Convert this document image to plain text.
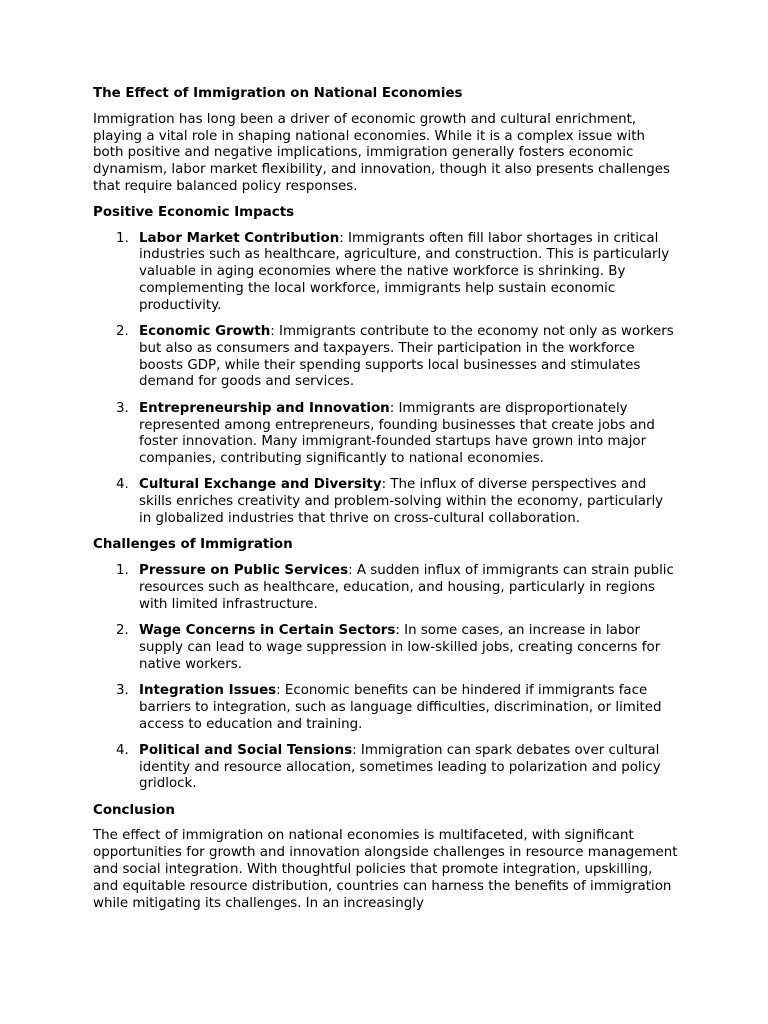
The Effect of Immigration on National Economies

Immigration has long been a driver of economic growth and cultural enrichment, playing a vital role in shaping national economies. While it is a complex issue with both positive and negative implications, immigration generally fosters economic dynamism, labor market flexibility, and innovation, though it also presents challenges that require balanced policy responses.

Positive Economic Impacts
1. Labor Market Contribution: Immigrants often fill labor shortages in critical industries such as healthcare, agriculture, and construction. This is particularly valuable in aging economies where the native workforce is shrinking. By complementing the local workforce, immigrants help sustain economic productivity.
2. Economic Growth: Immigrants contribute to the economy not only as workers but also as consumers and taxpayers. Their participation in the workforce boosts GDP, while their spending supports local businesses and stimulates demand for goods and services.
3. Entrepreneurship and Innovation: Immigrants are disproportionately represented among entrepreneurs, founding businesses that create jobs and foster innovation. Many immigrant-founded startups have grown into major companies, contributing significantly to national economies.
4. Cultural Exchange and Diversity: The influx of diverse perspectives and skills enriches creativity and problem-solving within the economy, particularly in globalized industries that thrive on cross-cultural collaboration.
Challenges of Immigration
1. Pressure on Public Services: A sudden influx of immigrants can strain public resources such as healthcare, education, and housing, particularly in regions with limited infrastructure.
2. Wage Concerns in Certain Sectors: In some cases, an increase in labor supply can lead to wage suppression in low-skilled jobs, creating concerns for native workers.
3. Integration Issues: Economic benefits can be hindered if immigrants face barriers to integration, such as language difficulties, discrimination, or limited access to education and training.
4. Political and Social Tensions: Immigration can spark debates over cultural identity and resource allocation, sometimes leading to polarization and policy gridlock.
Conclusion

The effect of immigration on national economies is multifaceted, with significant opportunities for growth and innovation alongside challenges in resource management and social integration. With thoughtful policies that promote integration, upskilling, and equitable resource distribution, countries can harness the benefits of immigration while mitigating its challenges. In an increasingly
